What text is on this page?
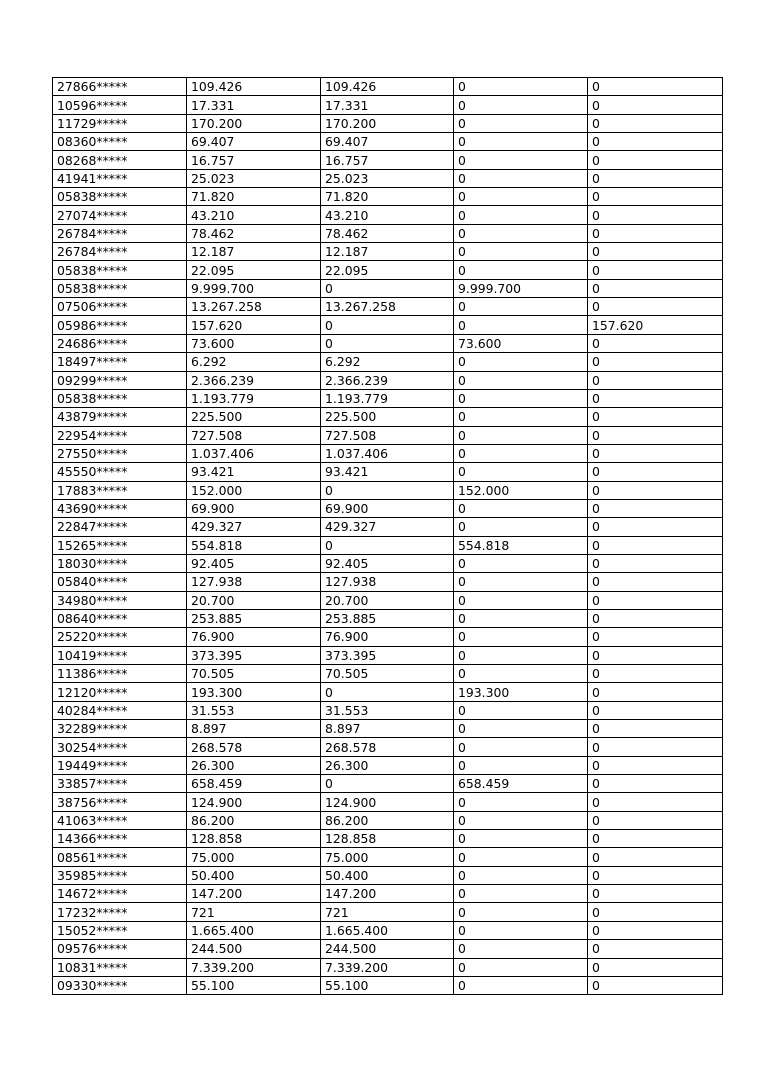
27866*****	109.426	109.426	0	0
10596*****	17.331	17.331	0	0
11729*****	170.200	170.200	0	0
08360*****	69.407	69.407	0	0
08268*****	16.757	16.757	0	0
41941*****	25.023	25.023	0	0
05838*****	71.820	71.820	0	0
27074*****	43.210	43.210	0	0
26784*****	78.462	78.462	0	0
26784*****	12.187	12.187	0	0
05838*****	22.095	22.095	0	0
05838*****	9.999.700	0	9.999.700	0
07506*****	13.267.258	13.267.258	0	0
05986*****	157.620	0	0	157.620
24686*****	73.600	0	73.600	0
18497*****	6.292	6.292	0	0
09299*****	2.366.239	2.366.239	0	0
05838*****	1.193.779	1.193.779	0	0
43879*****	225.500	225.500	0	0
22954*****	727.508	727.508	0	0
27550*****	1.037.406	1.037.406	0	0
45550*****	93.421	93.421	0	0
17883*****	152.000	0	152.000	0
43690*****	69.900	69.900	0	0
22847*****	429.327	429.327	0	0
15265*****	554.818	0	554.818	0
18030*****	92.405	92.405	0	0
05840*****	127.938	127.938	0	0
34980*****	20.700	20.700	0	0
08640*****	253.885	253.885	0	0
25220*****	76.900	76.900	0	0
10419*****	373.395	373.395	0	0
11386*****	70.505	70.505	0	0
12120*****	193.300	0	193.300	0
40284*****	31.553	31.553	0	0
32289*****	8.897	8.897	0	0
30254*****	268.578	268.578	0	0
19449*****	26.300	26.300	0	0
33857*****	658.459	0	658.459	0
38756*****	124.900	124.900	0	0
41063*****	86.200	86.200	0	0
14366*****	128.858	128.858	0	0
08561*****	75.000	75.000	0	0
35985*****	50.400	50.400	0	0
14672*****	147.200	147.200	0	0
17232*****	721	721	0	0
15052*****	1.665.400	1.665.400	0	0
09576*****	244.500	244.500	0	0
10831*****	7.339.200	7.339.200	0	0
09330*****	55.100	55.100	0	0
